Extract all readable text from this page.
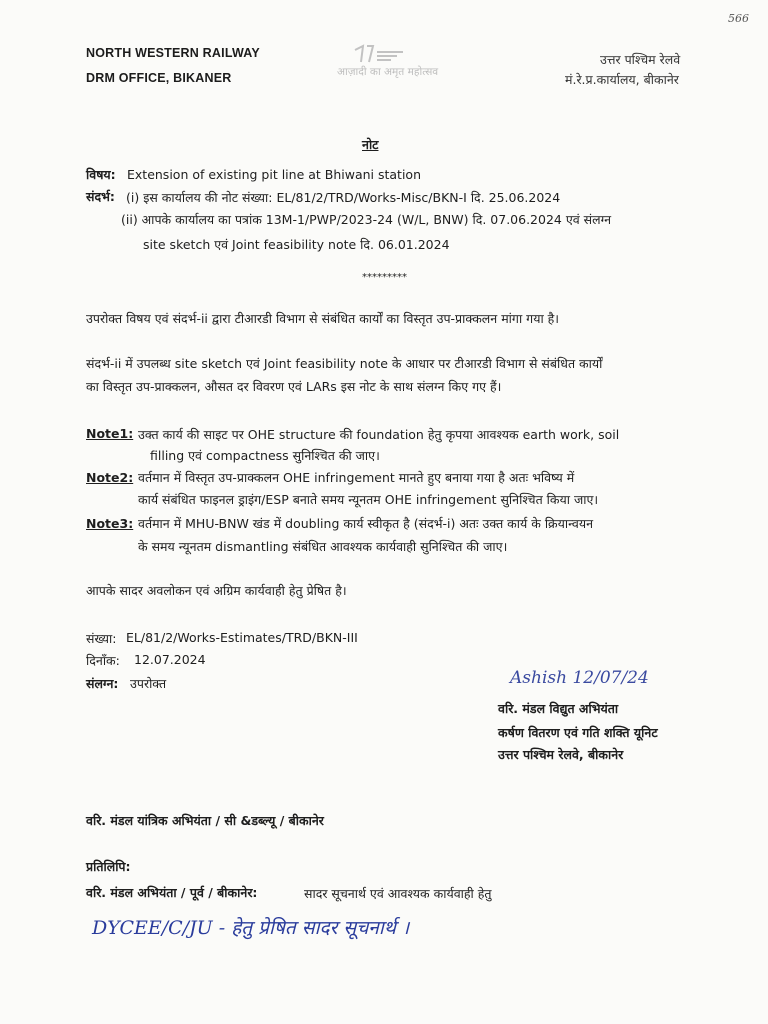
566
NORTH WESTERN RAILWAY
DRM OFFICE, BIKANER
उत्तर पश्चिम रेलवे
मं.रे.प्र.कार्यालय, बीकानेर
आज़ादी का अमृत महोत्सव
नोट
विषय: Extension of existing pit line at Bhiwani station
संदर्भ: (i) इस कार्यालय की नोट संख्या: EL/81/2/TRD/Works-Misc/BKN-I दि. 25.06.2024
(ii) आपके कार्यालय का पत्रांक 13M-1/PWP/2023-24 (W/L, BNW) दि. 07.06.2024 एवं संलग्न
site sketch एवं Joint feasibility note दि. 06.01.2024
*********
उपरोक्त विषय एवं संदर्भ-ii द्वारा टीआरडी विभाग से संबंधित कार्यों का विस्तृत उप-प्राक्कलन मांगा गया है।
संदर्भ-ii में उपलब्ध site sketch एवं Joint feasibility note के आधार पर टीआरडी विभाग से संबंधित कार्यों
का विस्तृत उप-प्राक्कलन, औसत दर विवरण एवं LARs इस नोट के साथ संलग्न किए गए हैं।
Note1: उक्त कार्य की साइट पर OHE structure की foundation हेतु कृपया आवश्यक earth work, soil
filling एवं compactness सुनिश्चित की जाए।
Note2: वर्तमान में विस्तृत उप-प्राक्कलन OHE infringement मानते हुए बनाया गया है अतः भविष्य में
कार्य संबंधित फाइनल ड्राइंग/ESP बनाते समय न्यूनतम OHE infringement सुनिश्चित किया जाए।
Note3: वर्तमान में MHU-BNW खंड में doubling कार्य स्वीकृत है (संदर्भ-i) अतः उक्त कार्य के क्रियान्वयन
के समय न्यूनतम dismantling संबंधित आवश्यक कार्यवाही सुनिश्चित की जाए।
आपके सादर अवलोकन एवं अग्रिम कार्यवाही हेतु प्रेषित है।
संख्या: EL/81/2/Works-Estimates/TRD/BKN-III
दिनाँक: 12.07.2024
संलग्न: उपरोक्त	Ashish 12/07/24
वरि. मंडल विद्युत अभियंता
कर्षण वितरण एवं गति शक्ति यूनिट
उत्तर पश्चिम रेलवे, बीकानेर
वरि. मंडल यांत्रिक अभियंता / सी &डब्ल्यू / बीकानेर
प्रतिलिपि:
वरि. मंडल अभियंता / पूर्व / बीकानेर:	सादर सूचनार्थ एवं आवश्यक कार्यवाही हेतु
DYCEE/C/JU - हेतु प्रेषित सादर सूचनार्थ ।
